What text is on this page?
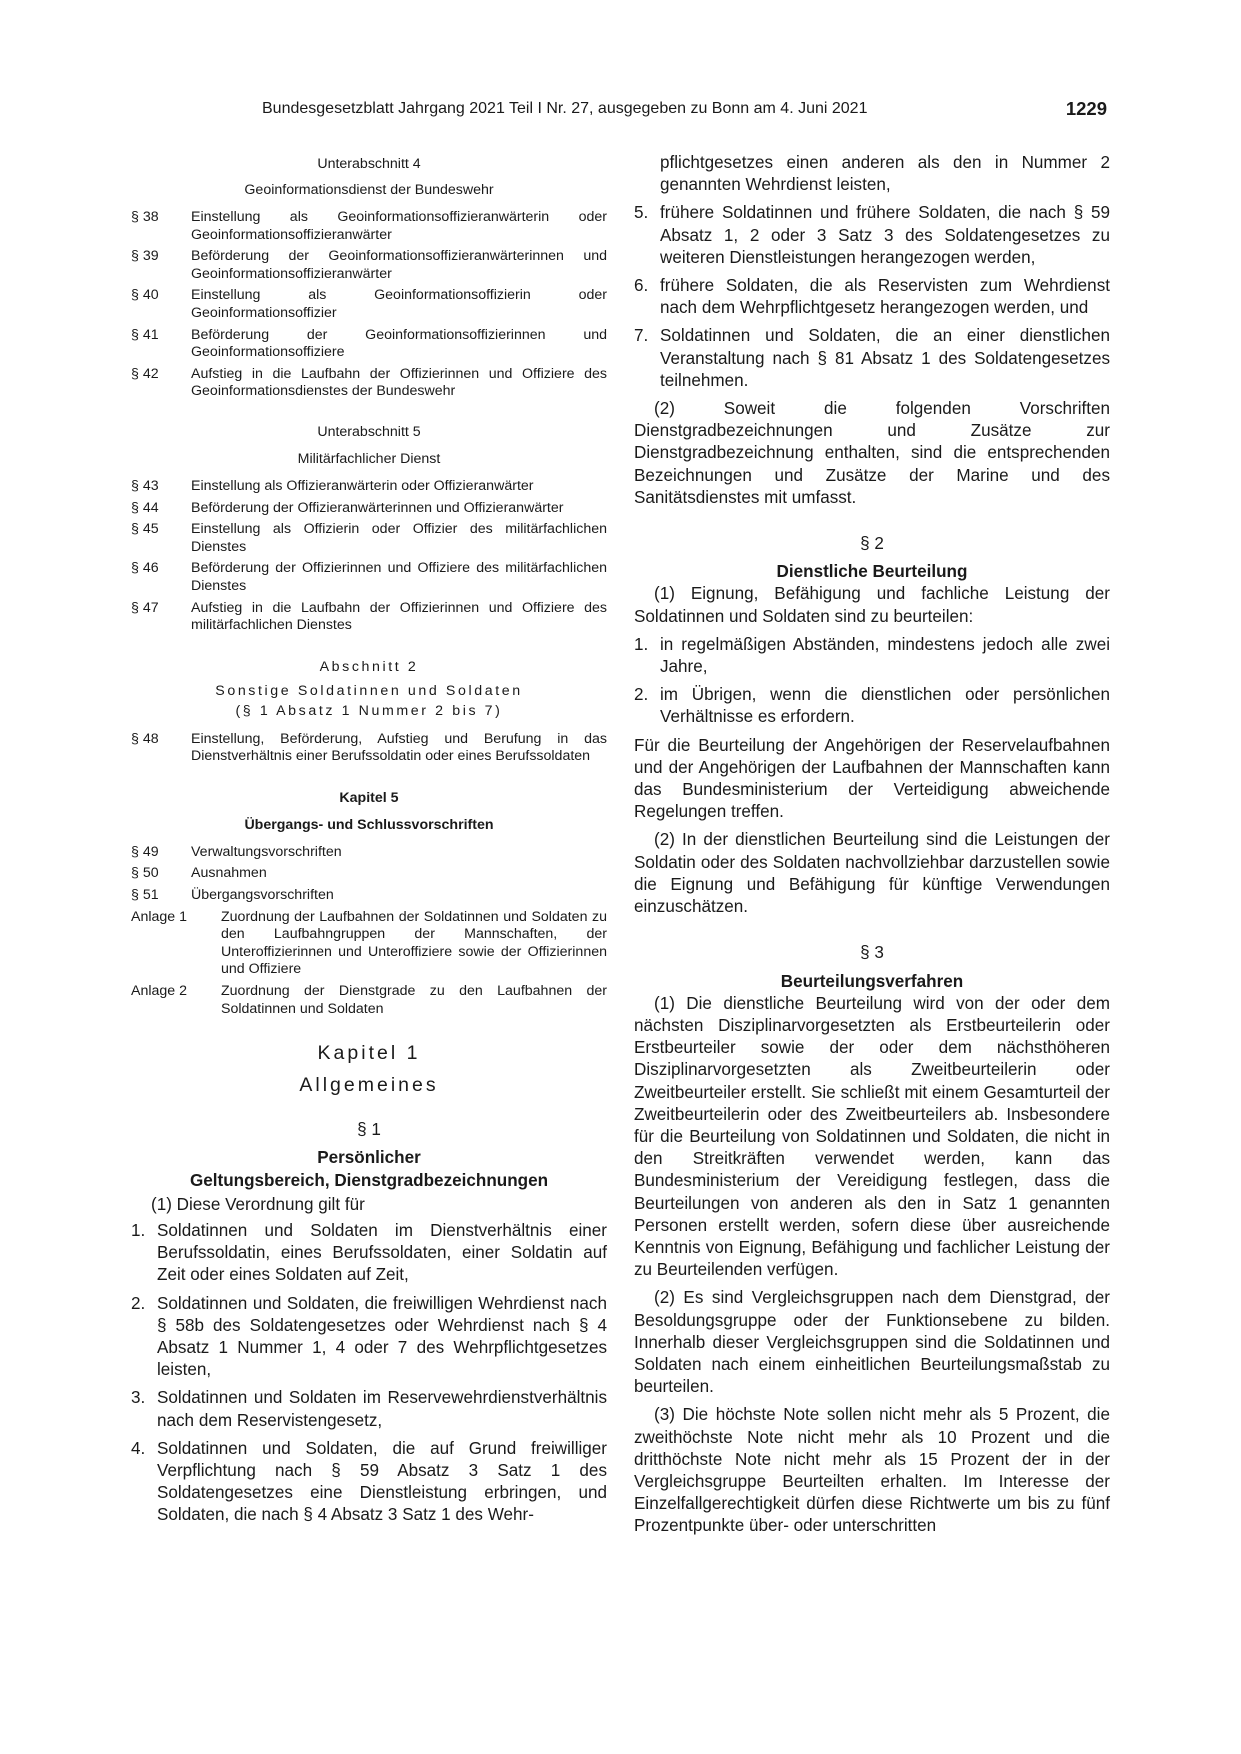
Bundesgesetzblatt Jahrgang 2021 Teil I Nr. 27, ausgegeben zu Bonn am 4. Juni 2021	1229
Unterabschnitt 4
Geoinformationsdienst der Bundeswehr
§ 38 Einstellung als Geoinformationsoffizieranwärterin oder Geoinformationsoffizieranwärter
§ 39 Beförderung der Geoinformationsoffizieranwärterinnen und Geoinformationsoffizieranwärter
§ 40 Einstellung als Geoinformationsoffizierin oder Geoinformationsoffizier
§ 41 Beförderung der Geoinformationsoffizierinnen und Geoinformationsoffiziere
§ 42 Aufstieg in die Laufbahn der Offizierinnen und Offiziere des Geoinformationsdienstes der Bundeswehr
Unterabschnitt 5
Militärfachlicher Dienst
§ 43 Einstellung als Offizieranwärterin oder Offizieranwärter
§ 44 Beförderung der Offizieranwärterinnen und Offizieranwärter
§ 45 Einstellung als Offizierin oder Offizier des militärfachlichen Dienstes
§ 46 Beförderung der Offizierinnen und Offiziere des militärfachlichen Dienstes
§ 47 Aufstieg in die Laufbahn der Offizierinnen und Offiziere des militärfachlichen Dienstes
Abschnitt 2
Sonstige Soldatinnen und Soldaten
(§ 1 Absatz 1 Nummer 2 bis 7)
§ 48 Einstellung, Beförderung, Aufstieg und Berufung in das Dienstverhältnis einer Berufssoldatin oder eines Berufssoldaten
Kapitel 5
Übergangs- und Schlussvorschriften
§ 49 Verwaltungsvorschriften
§ 50 Ausnahmen
§ 51 Übergangsvorschriften
Anlage 1 Zuordnung der Laufbahnen der Soldatinnen und Soldaten zu den Laufbahngruppen der Mannschaften, der Unteroffizierinnen und Unteroffiziere sowie der Offizierinnen und Offiziere
Anlage 2 Zuordnung der Dienstgrade zu den Laufbahnen der Soldatinnen und Soldaten
Kapitel 1
Allgemeines
§ 1
Persönlicher
Geltungsbereich, Dienstgradbezeichnungen
(1) Diese Verordnung gilt für
1. Soldatinnen und Soldaten im Dienstverhältnis einer Berufssoldatin, eines Berufssoldaten, einer Soldatin auf Zeit oder eines Soldaten auf Zeit,
2. Soldatinnen und Soldaten, die freiwilligen Wehrdienst nach § 58b des Soldatengesetzes oder Wehrdienst nach § 4 Absatz 1 Nummer 1, 4 oder 7 des Wehrpflichtgesetzes leisten,
3. Soldatinnen und Soldaten im Reservewehrdienstverhältnis nach dem Reservistengesetz,
4. Soldatinnen und Soldaten, die auf Grund freiwilliger Verpflichtung nach § 59 Absatz 3 Satz 1 des Soldatengesetzes eine Dienstleistung erbringen, und Soldaten, die nach § 4 Absatz 3 Satz 1 des Wehr-
pflichtgesetzes einen anderen als den in Nummer 2 genannten Wehrdienst leisten,
5. frühere Soldatinnen und frühere Soldaten, die nach § 59 Absatz 1, 2 oder 3 Satz 3 des Soldatengesetzes zu weiteren Dienstleistungen herangezogen werden,
6. frühere Soldaten, die als Reservisten zum Wehrdienst nach dem Wehrpflichtgesetz herangezogen werden, und
7. Soldatinnen und Soldaten, die an einer dienstlichen Veranstaltung nach § 81 Absatz 1 des Soldatengesetzes teilnehmen.
(2) Soweit die folgenden Vorschriften Dienstgradbezeichnungen und Zusätze zur Dienstgradbezeichnung enthalten, sind die entsprechenden Bezeichnungen und Zusätze der Marine und des Sanitätsdienstes mit umfasst.
§ 2
Dienstliche Beurteilung
(1) Eignung, Befähigung und fachliche Leistung der Soldatinnen und Soldaten sind zu beurteilen:
1. in regelmäßigen Abständen, mindestens jedoch alle zwei Jahre,
2. im Übrigen, wenn die dienstlichen oder persönlichen Verhältnisse es erfordern.
Für die Beurteilung der Angehörigen der Reservelaufbahnen und der Angehörigen der Laufbahnen der Mannschaften kann das Bundesministerium der Verteidigung abweichende Regelungen treffen.
(2) In der dienstlichen Beurteilung sind die Leistungen der Soldatin oder des Soldaten nachvollziehbar darzustellen sowie die Eignung und Befähigung für künftige Verwendungen einzuschätzen.
§ 3
Beurteilungsverfahren
(1) Die dienstliche Beurteilung wird von der oder dem nächsten Disziplinarvorgesetzten als Erstbeurteilerin oder Erstbeurteiler sowie der oder dem nächsthöheren Disziplinarvorgesetzten als Zweitbeurteilerin oder Zweitbeurteiler erstellt. Sie schließt mit einem Gesamturteil der Zweitbeurteilerin oder des Zweitbeurteilers ab. Insbesondere für die Beurteilung von Soldatinnen und Soldaten, die nicht in den Streitkräften verwendet werden, kann das Bundesministerium der Vereidigung festlegen, dass die Beurteilungen von anderen als den in Satz 1 genannten Personen erstellt werden, sofern diese über ausreichende Kenntnis von Eignung, Befähigung und fachlicher Leistung der zu Beurteilenden verfügen.
(2) Es sind Vergleichsgruppen nach dem Dienstgrad, der Besoldungsgruppe oder der Funktionsebene zu bilden. Innerhalb dieser Vergleichsgruppen sind die Soldatinnen und Soldaten nach einem einheitlichen Beurteilungsmaßstab zu beurteilen.
(3) Die höchste Note sollen nicht mehr als 5 Prozent, die zweithöchste Note nicht mehr als 10 Prozent und die dritthöchste Note nicht mehr als 15 Prozent der in der Vergleichsgruppe Beurteilten erhalten. Im Interesse der Einzelfallgerechtigkeit dürfen diese Richtwerte um bis zu fünf Prozentpunkte über- oder unterschritten
